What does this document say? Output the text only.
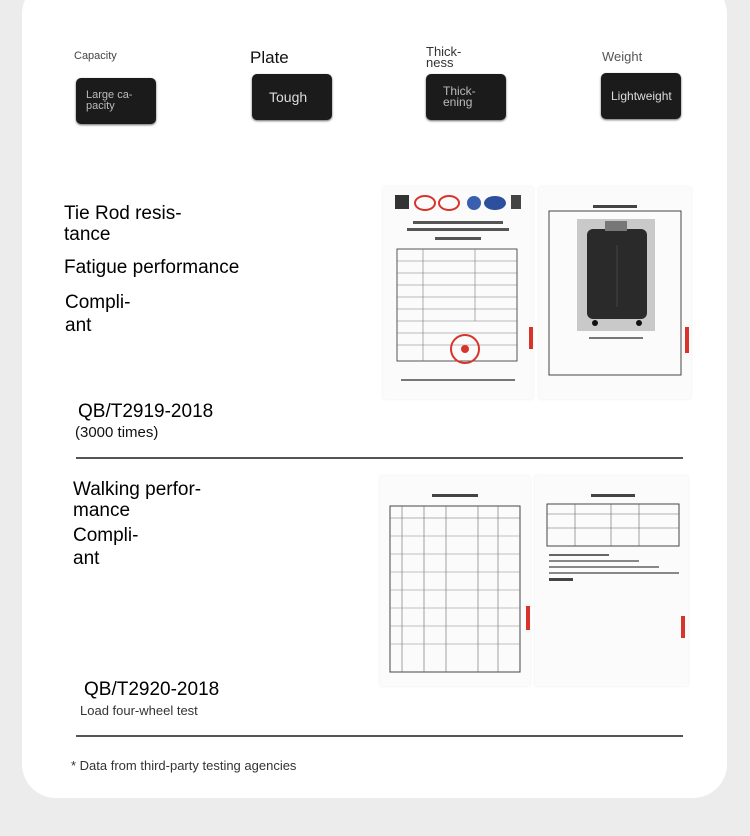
Capacity
Large ca-
pacity
Plate
Tough
Thick-
ness
Thick-
ening
Weight
Lightweight
Tie Rod resis-
tance
Fatigue performance
Compli-
ant
QB/T2919-2018
(3000 times)
Walking perfor-
mance
Compli-
ant
QB/T2920-2018
Load four-wheel test
* Data from third-party testing agencies
